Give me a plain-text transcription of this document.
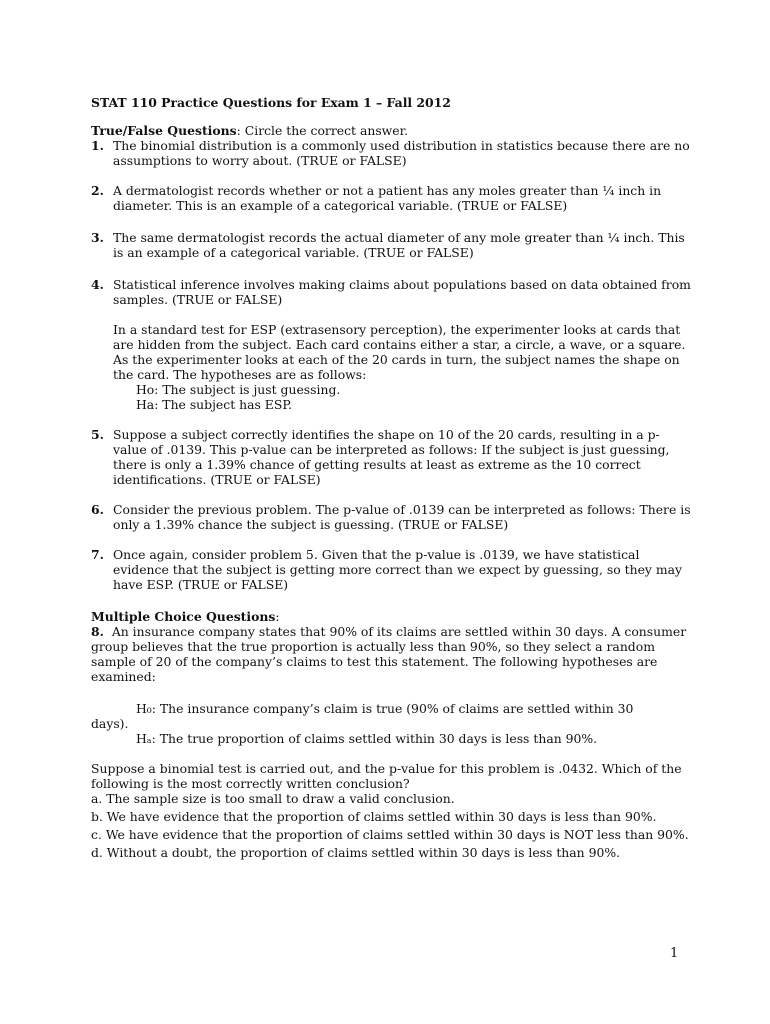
STAT 110 Practice Questions for Exam 1 – Fall 2012

True/False Questions: Circle the correct answer.

1. The binomial distribution is a commonly used distribution in statistics because there are no assumptions to worry about. (TRUE or FALSE)
2. A dermatologist records whether or not a patient has any moles greater than ¼ inch in diameter. This is an example of a categorical variable. (TRUE or FALSE)
3. The same dermatologist records the actual diameter of any mole greater than ¼ inch. This is an example of a categorical variable. (TRUE or FALSE)
4. Statistical inference involves making claims about populations based on data obtained from samples. (TRUE or FALSE)

In a standard test for ESP (extrasensory perception), the experimenter looks at cards that are hidden from the subject. Each card contains either a star, a circle, a wave, or a square. As the experimenter looks at each of the 20 cards in turn, the subject names the shape on the card. The hypotheses are as follows:

Ho: The subject is just guessing.

Ha: The subject has ESP.

5. Suppose a subject correctly identifies the shape on 10 of the 20 cards, resulting in a p-value of .0139. This p-value can be interpreted as follows: If the subject is just guessing, there is only a 1.39% chance of getting results at least as extreme as the 10 correct identifications. (TRUE or FALSE)
6. Consider the previous problem. The p-value of .0139 can be interpreted as follows: There is only a 1.39% chance the subject is guessing. (TRUE or FALSE)
7. Once again, consider problem 5. Given that the p-value is .0139, we have statistical evidence that the subject is getting more correct than we expect by guessing, so they may have ESP. (TRUE or FALSE)

Multiple Choice Questions:

8.  An insurance company states that 90% of its claims are settled within 30 days. A consumer group believes that the true proportion is actually less than 90%, so they select a random sample of 20 of the company’s claims to test this statement. The following hypotheses are examined:

H₀: The insurance company’s claim is true (90% of claims are settled within 30

days).

Hₐ: The true proportion of claims settled within 30 days is less than 90%.

Suppose a binomial test is carried out, and the p-value for this problem is .0432. Which of the following is the most correctly written conclusion?

a. The sample size is too small to draw a valid conclusion.

b. We have evidence that the proportion of claims settled within 30 days is less than 90%.

c. We have evidence that the proportion of claims settled within 30 days is NOT less than 90%.

d. Without a doubt, the proportion of claims settled within 30 days is less than 90%.

1
